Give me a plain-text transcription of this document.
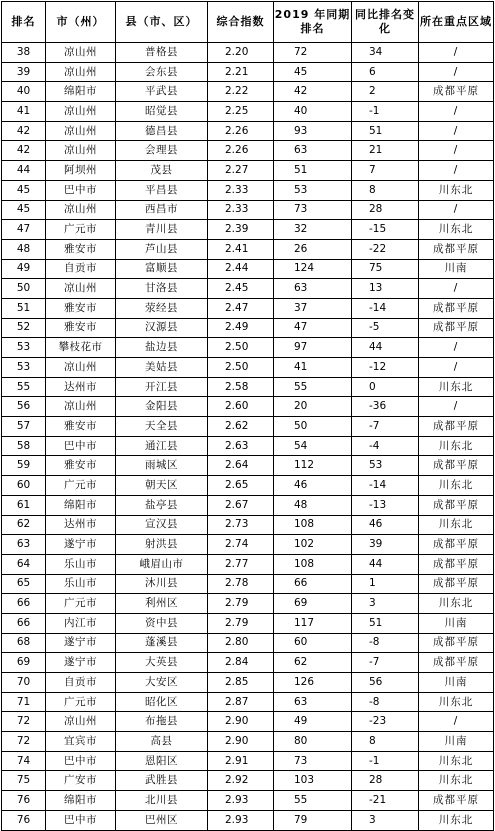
排名	市（州）	县（市、区）	综合指数	2019 年同期排名	同比排名变化	所在重点区域
38	凉山州	普格县	2.20	72	34	/
39	凉山州	会东县	2.21	45	6	/
40	绵阳市	平武县	2.22	42	2	成都平原
41	凉山州	昭觉县	2.25	40	-1	/
42	凉山州	德昌县	2.26	93	51	/
42	凉山州	会理县	2.26	63	21	/
44	阿坝州	茂县	2.27	51	7	/
45	巴中市	平昌县	2.33	53	8	川东北
45	凉山州	西昌市	2.33	73	28	/
47	广元市	青川县	2.39	32	-15	川东北
48	雅安市	芦山县	2.41	26	-22	成都平原
49	自贡市	富顺县	2.44	124	75	川南
50	凉山州	甘洛县	2.45	63	13	/
51	雅安市	荥经县	2.47	37	-14	成都平原
52	雅安市	汉源县	2.49	47	-5	成都平原
53	攀枝花市	盐边县	2.50	97	44	/
53	凉山州	美姑县	2.50	41	-12	/
55	达州市	开江县	2.58	55	0	川东北
56	凉山州	金阳县	2.60	20	-36	/
57	雅安市	天全县	2.62	50	-7	成都平原
58	巴中市	通江县	2.63	54	-4	川东北
59	雅安市	雨城区	2.64	112	53	成都平原
60	广元市	朝天区	2.65	46	-14	川东北
61	绵阳市	盐亭县	2.67	48	-13	成都平原
62	达州市	宣汉县	2.73	108	46	川东北
63	遂宁市	射洪县	2.74	102	39	成都平原
64	乐山市	峨眉山市	2.77	108	44	成都平原
65	乐山市	沐川县	2.78	66	1	成都平原
66	广元市	利州区	2.79	69	3	川东北
66	内江市	资中县	2.79	117	51	川南
68	遂宁市	蓬溪县	2.80	60	-8	成都平原
69	遂宁市	大英县	2.84	62	-7	成都平原
70	自贡市	大安区	2.85	126	56	川南
71	广元市	昭化区	2.87	63	-8	川东北
72	凉山州	布拖县	2.90	49	-23	/
72	宜宾市	高县	2.90	80	8	川南
74	巴中市	恩阳区	2.91	73	-1	川东北
75	广安市	武胜县	2.92	103	28	川东北
76	绵阳市	北川县	2.93	55	-21	成都平原
76	巴中市	巴州区	2.93	79	3	川东北
